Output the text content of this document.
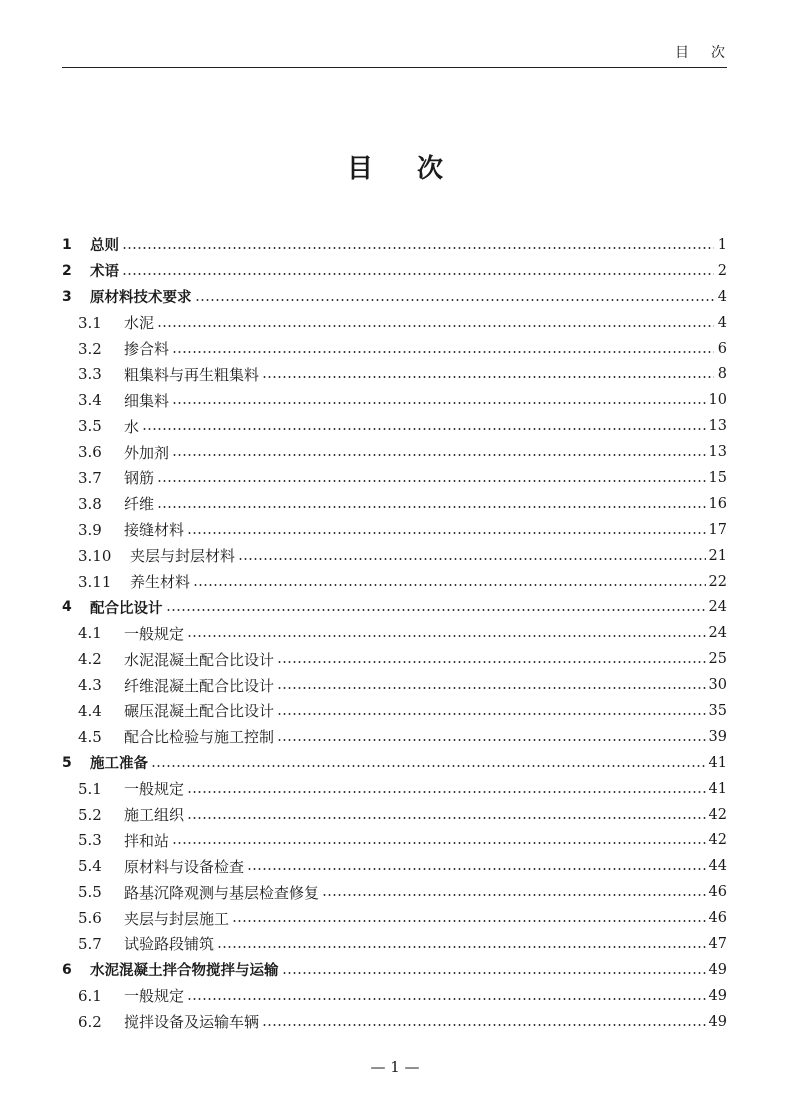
目次
目次
1	总则	1
2	术语	2
3	原材料技术要求	4
3.1	水泥	4
3.2	掺合料	6
3.3	粗集料与再生粗集料	8
3.4	细集料	10
3.5	水	13
3.6	外加剂	13
3.7	钢筋	15
3.8	纤维	16
3.9	接缝材料	17
3.10	夹层与封层材料	21
3.11	养生材料	22
4	配合比设计	24
4.1	一般规定	24
4.2	水泥混凝土配合比设计	25
4.3	纤维混凝土配合比设计	30
4.4	碾压混凝土配合比设计	35
4.5	配合比检验与施工控制	39
5	施工准备	41
5.1	一般规定	41
5.2	施工组织	42
5.3	拌和站	42
5.4	原材料与设备检查	44
5.5	路基沉降观测与基层检查修复	46
5.6	夹层与封层施工	46
5.7	试验路段铺筑	47
6	水泥混凝土拌合物搅拌与运输	49
6.1	一般规定	49
6.2	搅拌设备及运输车辆	49
— 1 —
